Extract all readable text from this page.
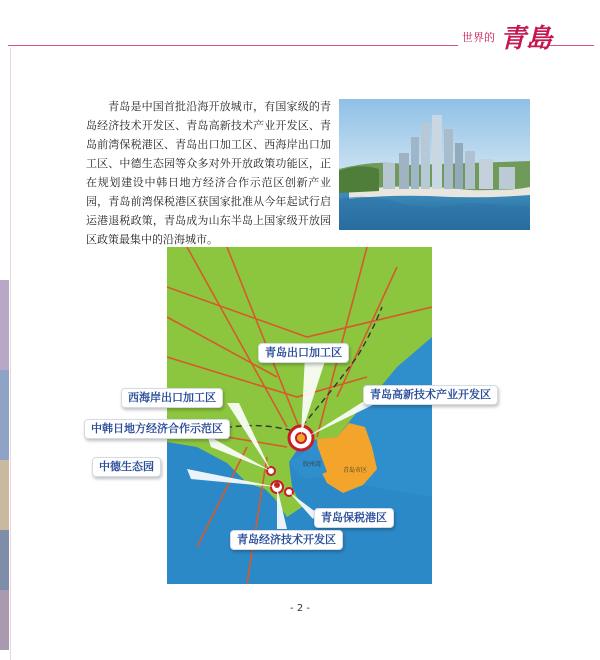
世界的 青島
青岛是中国首批沿海开放城市，有国家级的青岛经济技术开发区、青岛高新技术产业开发区、青岛前湾保税港区、青岛出口加工区、西海岸出口加工区、中德生态园等众多对外开放政策功能区，正在规划建设中韩日地方经济合作示范区创新产业园，青岛前湾保税港区获国家批准从今年起试行启运港退税政策，青岛成为山东半岛上国家级开放园区政策最集中的沿海城市。
胶州湾
青岛市区
青岛出口加工区
青岛高新技术产业开发区
西海岸出口加工区
中韩日地方经济合作示范区
中德生态园
青岛保税港区
青岛经济技术开发区
- 2 -
